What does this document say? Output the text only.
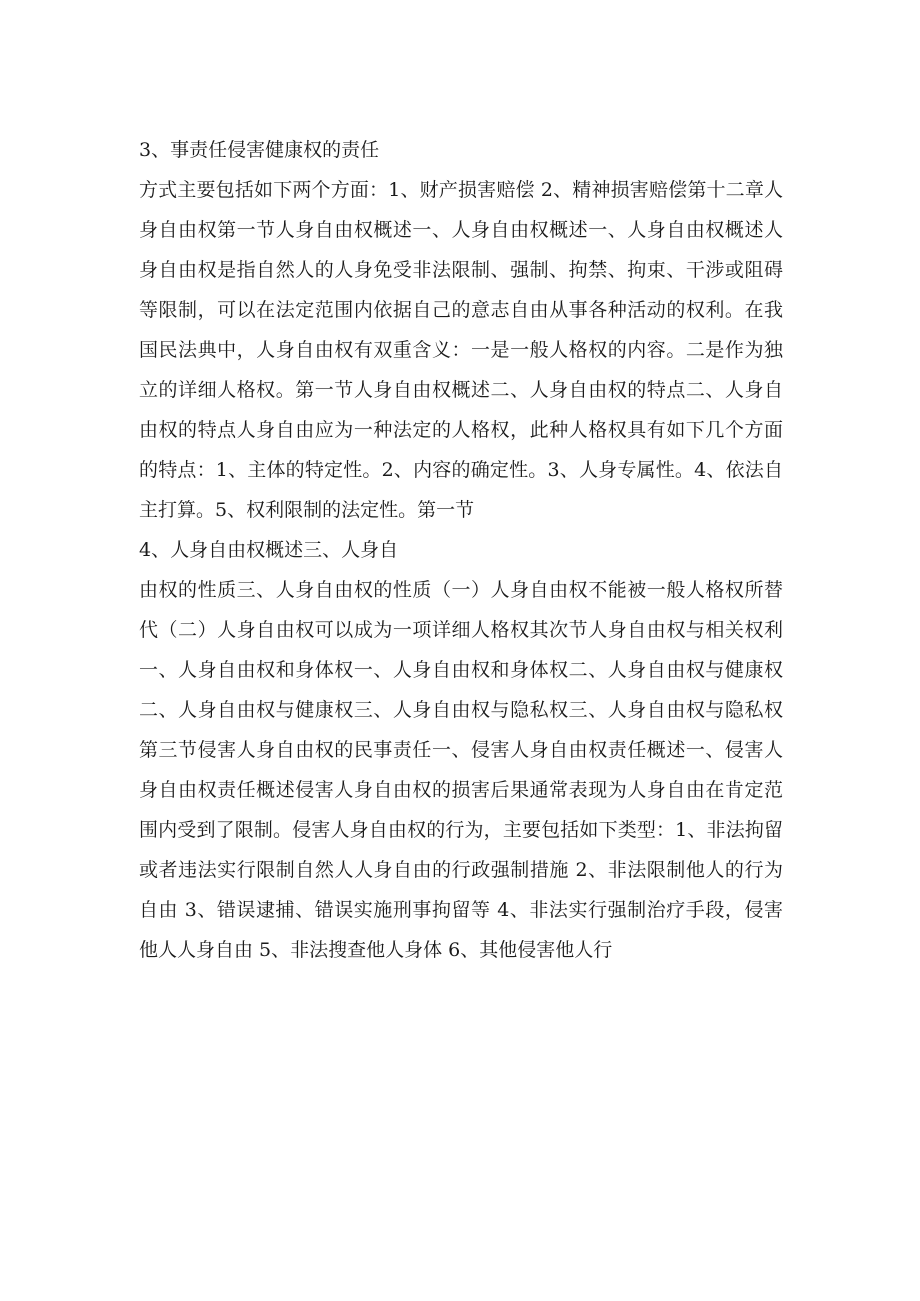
3、事责任侵害健康权的责任
方式主要包括如下两个方面：1、财产损害赔偿 2、精神损害赔偿第十二章人身自由权第一节人身自由权概述一、人身自由权概述一、人身自由权概述人身自由权是指自然人的人身免受非法限制、强制、拘禁、拘束、干涉或阻碍等限制，可以在法定范围内依据自己的意志自由从事各种活动的权利。在我国民法典中，人身自由权有双重含义：一是一般人格权的内容。二是作为独立的详细人格权。第一节人身自由权概述二、人身自由权的特点二、人身自由权的特点人身自由应为一种法定的人格权，此种人格权具有如下几个方面的特点：1、主体的特定性。2、内容的确定性。3、人身专属性。4、依法自主打算。5、权利限制的法定性。第一节

4、人身自由权概述三、人身自
由权的性质三、人身自由权的性质（一）人身自由权不能被一般人格权所替代（二）人身自由权可以成为一项详细人格权其次节人身自由权与相关权利一、人身自由权和身体权一、人身自由权和身体权二、人身自由权与健康权二、人身自由权与健康权三、人身自由权与隐私权三、人身自由权与隐私权第三节侵害人身自由权的民事责任一、侵害人身自由权责任概述一、侵害人身自由权责任概述侵害人身自由权的损害后果通常表现为人身自由在肯定范围内受到了限制。侵害人身自由权的行为，主要包括如下类型：1、非法拘留或者违法实行限制自然人人身自由的行政强制措施 2、非法限制他人的行为自由 3、错误逮捕、错误实施刑事拘留等 4、非法实行强制治疗手段，侵害他人人身自由 5、非法搜查他人身体 6、其他侵害他人行
